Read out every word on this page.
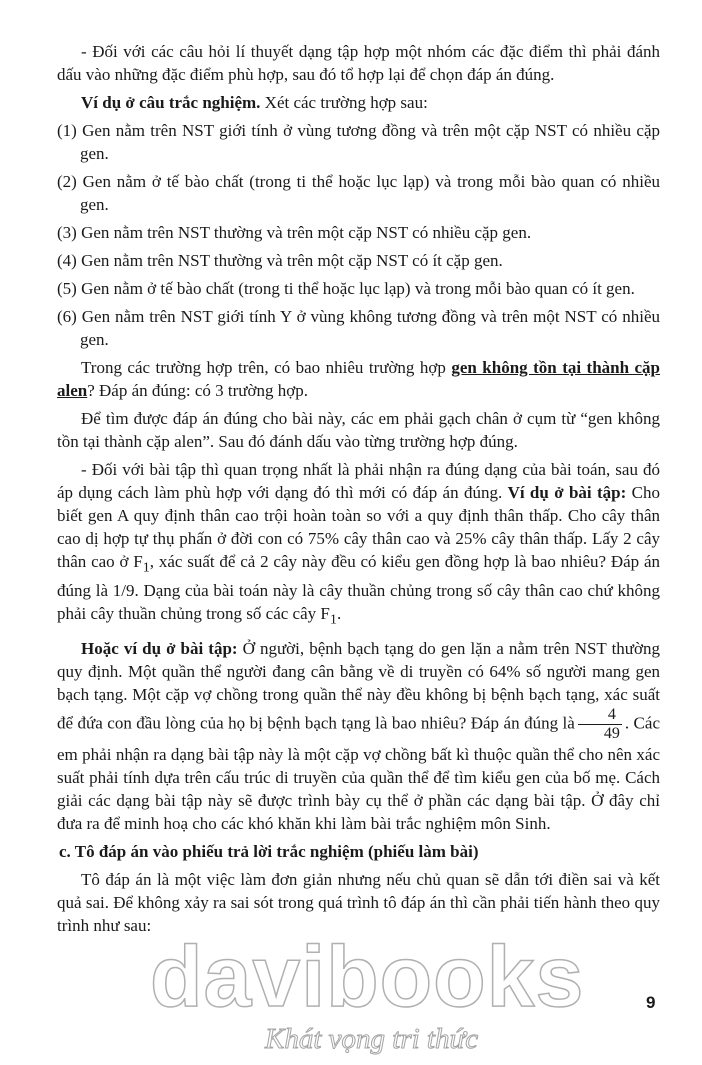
- Đối với các câu hỏi lí thuyết dạng tập hợp một nhóm các đặc điểm thì phải đánh dấu vào những đặc điểm phù hợp, sau đó tổ hợp lại để chọn đáp án đúng.

Ví dụ ở câu trắc nghiệm. Xét các trường hợp sau:

(1) Gen nằm trên NST giới tính ở vùng tương đồng và trên một cặp NST có nhiều cặp gen.

(2) Gen nằm ở tế bào chất (trong ti thể hoặc lục lạp) và trong mỗi bào quan có nhiều gen.

(3) Gen nằm trên NST thường và trên một cặp NST có nhiều cặp gen.

(4) Gen nằm trên NST thường và trên một cặp NST có ít cặp gen.

(5) Gen nằm ở tế bào chất (trong ti thể hoặc lục lạp) và trong mỗi bào quan có ít gen.

(6) Gen nằm trên NST giới tính Y ở vùng không tương đồng và trên một NST có nhiều gen.

Trong các trường hợp trên, có bao nhiêu trường hợp gen không tồn tại thành cặp alen? Đáp án đúng: có 3 trường hợp.

Để tìm được đáp án đúng cho bài này, các em phải gạch chân ở cụm từ “gen không tồn tại thành cặp alen”. Sau đó đánh dấu vào từng trường hợp đúng.

- Đối với bài tập thì quan trọng nhất là phải nhận ra đúng dạng của bài toán, sau đó áp dụng cách làm phù hợp với dạng đó thì mới có đáp án đúng. Ví dụ ở bài tập: Cho biết gen A quy định thân cao trội hoàn toàn so với a quy định thân thấp. Cho cây thân cao dị hợp tự thụ phấn ở đời con có 75% cây thân cao và 25% cây thân thấp. Lấy 2 cây thân cao ở $F_1$, xác suất để cả 2 cây này đều có kiểu gen đồng hợp là bao nhiêu? Đáp án đúng là 1/9. Dạng của bài toán này là cây thuần chủng trong số cây thân cao chứ không phải cây thuần chủng trong số các cây $F_1$.

Hoặc ví dụ ở bài tập: Ở người, bệnh bạch tạng do gen lặn a nằm trên NST thường quy định. Một quần thể người đang cân bằng về di truyền có 64% số người mang gen bạch tạng. Một cặp vợ chồng trong quần thể này đều không bị bệnh bạch tạng, xác suất để đứa con đầu lòng của họ bị bệnh bạch tạng là bao nhiêu? Đáp án đúng là $\frac{4}{49}$ . Các em phải nhận ra dạng bài tập này là một cặp vợ chồng bất kì thuộc quần thể cho nên xác suất phải tính dựa trên cấu trúc di truyền của quần thể để tìm kiểu gen của bố mẹ. Cách giải các dạng bài tập này sẽ được trình bày cụ thể ở phần các dạng bài tập. Ở đây chỉ đưa ra để minh hoạ cho các khó khăn khi làm bài trắc nghiệm môn Sinh.

c. Tô đáp án vào phiếu trả lời trắc nghiệm (phiếu làm bài)

Tô đáp án là một việc làm đơn giản nhưng nếu chủ quan sẽ dẫn tới điền sai và kết quả sai. Để không xảy ra sai sót trong quá trình tô đáp án thì cần phải tiến hành theo quy trình như sau:

davibooks
Khát vọng tri thức
9
